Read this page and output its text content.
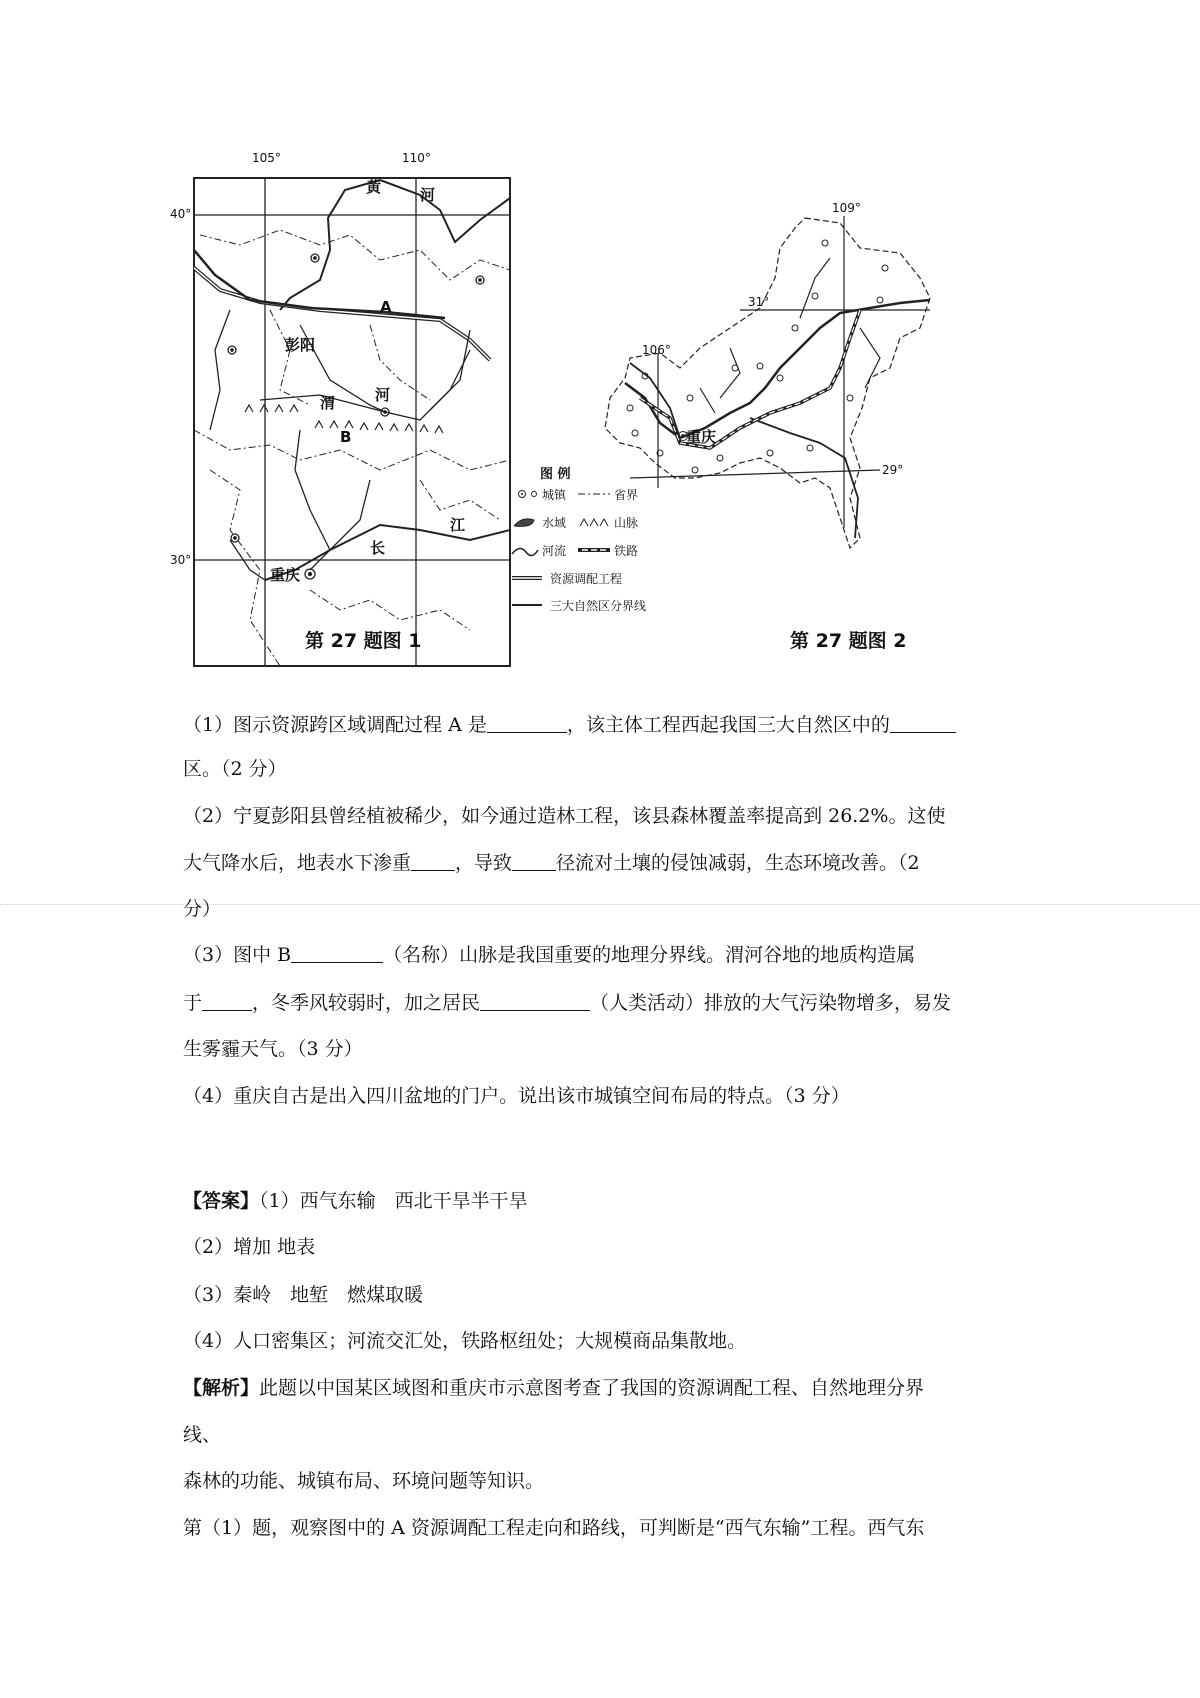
105°	110°
40°
30°
黄	河
A
彭阳
渭	河
B
长
江
重庆
图 例
城镇	省界
水域	山脉
河流	铁路
资源调配工程
三大自然区分界线
第 27 题图 1
109°
31°
106°
29°
重庆
第 27 题图 2
（1）图示资源跨区域调配过程 A 是	，该主体工程西起我国三大自然区中的
区。（2 分）
（2）宁夏彭阳县曾经植被稀少，如今通过造林工程，该县森林覆盖率提高到 26.2%。这使
大气降水后，地表水下渗重 ，导致 径流对土壤的侵蚀减弱，生态环境改善。（2
分）
（3）图中 B	（名称）山脉是我国重要的地理分界线。渭河谷地的地质构造属
于	，冬季风较弱时，加之居民	（人类活动）排放的大气污染物增多，易发
生雾霾天气。（3 分）
（4）重庆自古是出入四川盆地的门户。说出该市城镇空间布局的特点。（3 分）
【答案】（1）西气东输　西北干旱半干旱
（2）增加 地表
（3）秦岭　地堑　燃煤取暖
（4）人口密集区；河流交汇处，铁路枢纽处；大规模商品集散地。
【解析】此题以中国某区域图和重庆市示意图考查了我国的资源调配工程、自然地理分界
线、
森林的功能、城镇布局、环境问题等知识。
第（1）题，观察图中的 A 资源调配工程走向和路线，可判断是“西气东输”工程。西气东
